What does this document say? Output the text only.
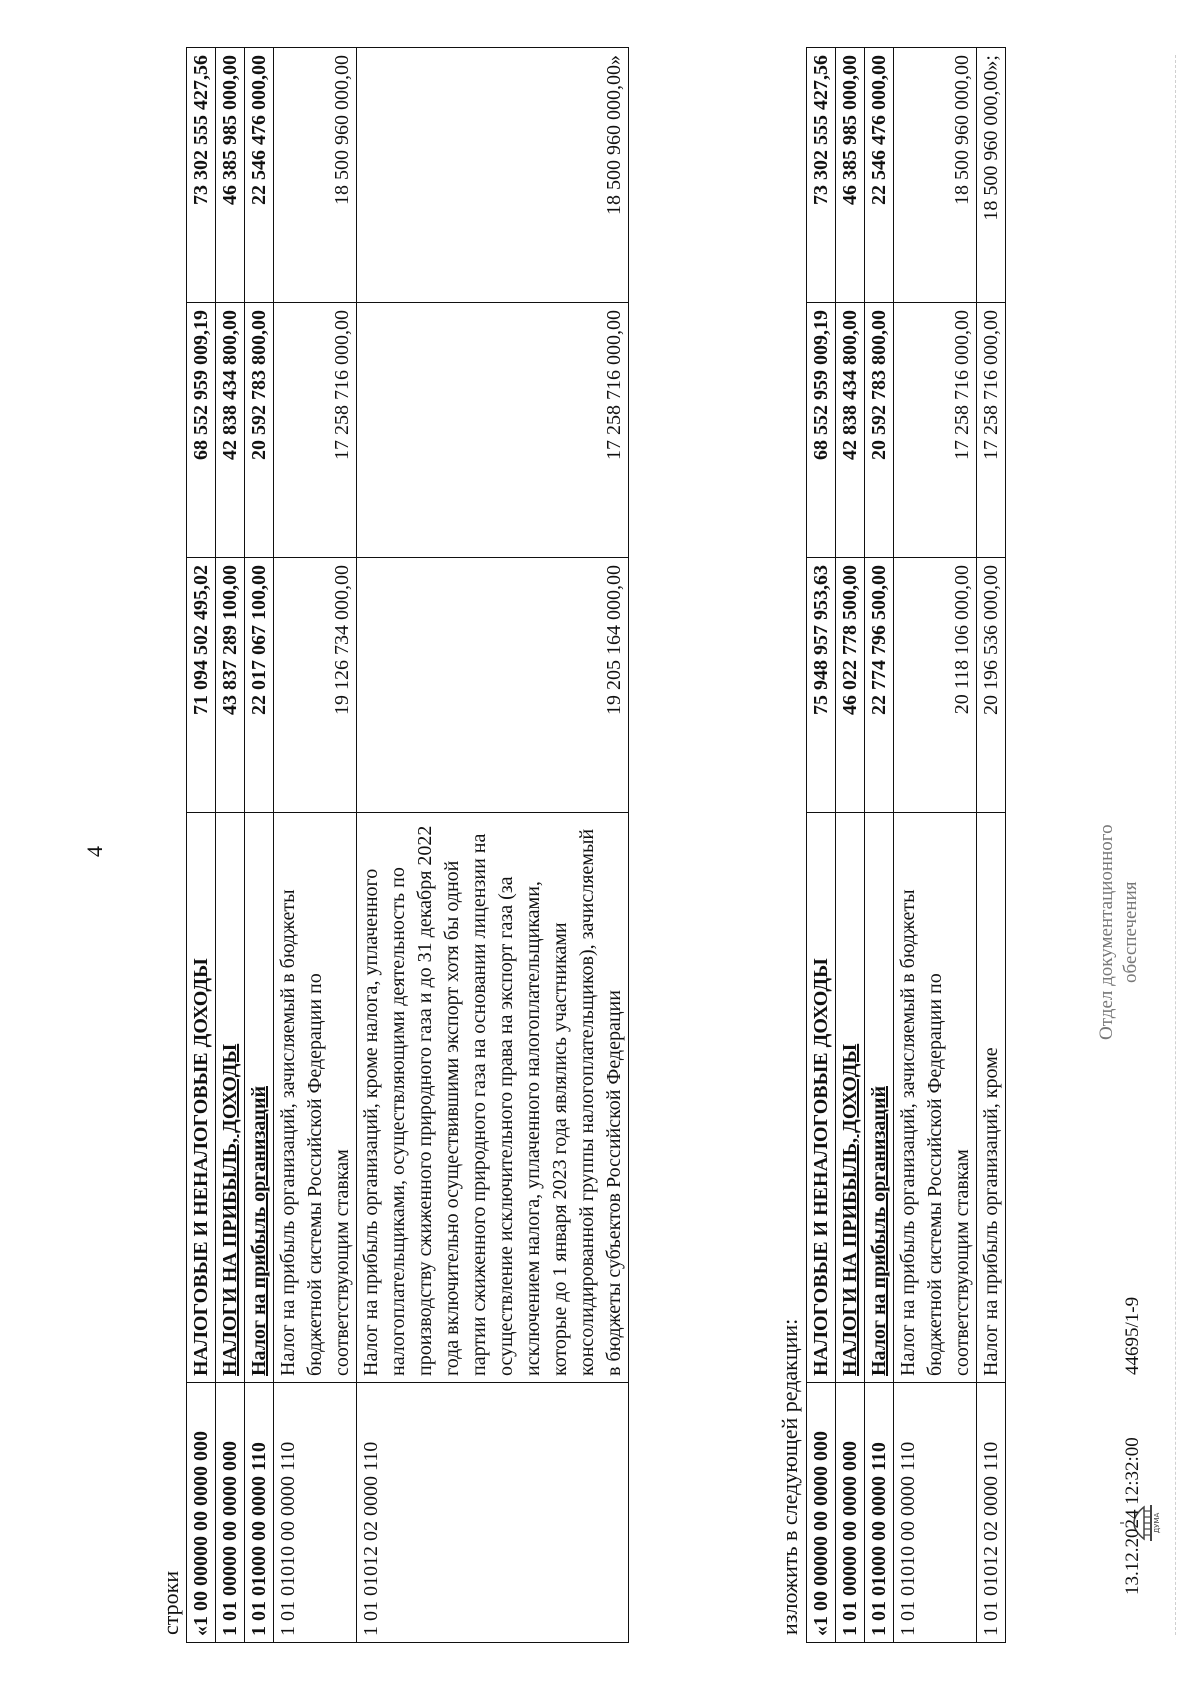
4
строки «1 00 00000 00 0000 000	НАЛОГОВЫЕ И НЕНАЛОГОВЫЕ ДОХОДЫ	71 094 502 495,02	68 552 959 009,19	73 302 555 427,56
1 01 00000 00 0000 000	НАЛОГИ НА ПРИБЫЛЬ, ДОХОДЫ	43 837 289 100,00	42 838 434 800,00	46 385 985 000,00
1 01 01000 00 0000 110	Налог на прибыль организаций	22 017 067 100,00	20 592 783 800,00	22 546 476 000,00
1 01 01010 00 0000 110	Налог на прибыль организаций, зачисляемый в бюджеты бюджетной системы Российской Федерации по соответствующим ставкам	19 126 734 000,00	17 258 716 000,00	18 500 960 000,00
1 01 01012 02 0000 110	Налог на прибыль организаций, кроме налога, уплаченного налогоплательщиками, осуществляющими деятельность по производству сжиженного природного газа и до 31 декабря 2022 года включительно осуществившими экспорт хотя бы одной партии сжиженного природного газа на основании лицензии на осуществление исключительного права на экспорт газа (за исключением налога, уплаченного налогоплательщиками, которые до 1 января 2023 года являлись участниками консолидированной группы налогоплательщиков), зачисляемый в бюджеты субъектов Российской Федерации	19 205 164 000,00	17 258 716 000,00	18 500 960 000,00»
изложить в следующей редакции: «1 00 00000 00 0000 000	НАЛОГОВЫЕ И НЕНАЛОГОВЫЕ ДОХОДЫ	75 948 957 953,63	68 552 959 009,19	73 302 555 427,56
1 01 00000 00 0000 000	НАЛОГИ НА ПРИБЫЛЬ, ДОХОДЫ	46 022 778 500,00	42 838 434 800,00	46 385 985 000,00
1 01 01000 00 0000 110	Налог на прибыль организаций	22 774 796 500,00	20 592 783 800,00	22 546 476 000,00
1 01 01010 00 0000 110	Налог на прибыль организаций, зачисляемый в бюджеты бюджетной системы Российской Федерации по соответствующим ставкам	20 118 106 000,00	17 258 716 000,00	18 500 960 000,00
1 01 01012 02 0000 110	Налог на прибыль организаций, кроме	20 196 536 000,00	17 258 716 000,00	18 500 960 000,00»;
ДУМА
13.12.2024 12:32:00
44695/1-9
Отдел документационного обеспечения
